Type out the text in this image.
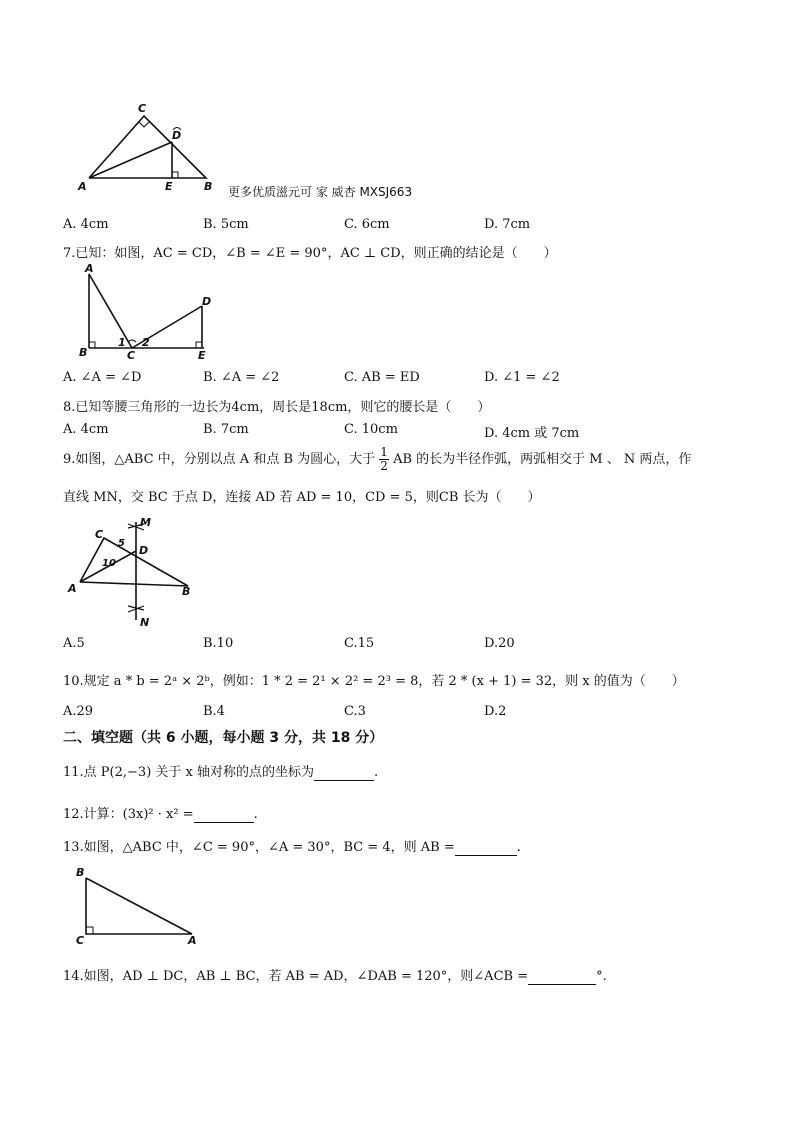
C
D
A	E	B 更多优质滋元可 家 威杏 MXSJ663
A. 4cm	B. 5cm	C. 6cm	D. 7cm
7.已知：如图，AC = CD，∠B = ∠E = 90°，AC ⊥ CD，则正确的结论是（　　）
A
B
1
C
2
D
E
A. ∠A = ∠D	B. ∠A = ∠2	C. AB = ED	D. ∠1 = ∠2
8.已知等腰三角形的一边长为4cm，周长是18cm，则它的腰长是（　　）
A. 4cm	B. 7cm	C. 10cm	D. 4cm 或 7cm
9.如图，△ABC 中，分别以点 A 和点 B 为圆心，大于 $\frac{1}{2}$ AB 的长为半径作弧，两弧相交于 M 、 N 两点，作
直线 MN，交 BC 于点 D，连接 AD 若 AD = 10，CD = 5，则CB 长为（　　）
M
C
5
D
10
A	B
N
A.5	B.10	C.15	D.20
10.规定 a * b = 2ᵃ × 2ᵇ，例如：1 * 2 = 2¹ × 2² = 2³ = 8，若 2 * (x + 1) = 32，则 x 的值为（　　）
A.29	B.4	C.3	D.2
二、填空题（共 6 小题，每小题 3 分，共 18 分）
11.点 P(2,−3) 关于 x 轴对称的点的坐标为	.
12.计算：(3x)² · x² =	.
13.如图，△ABC 中，∠C = 90°，∠A = 30°，BC = 4，则 AB =	.
B
C	A
14.如图，AD ⊥ DC，AB ⊥ BC，若 AB = AD，∠DAB = 120°，则∠ACB =	°.
